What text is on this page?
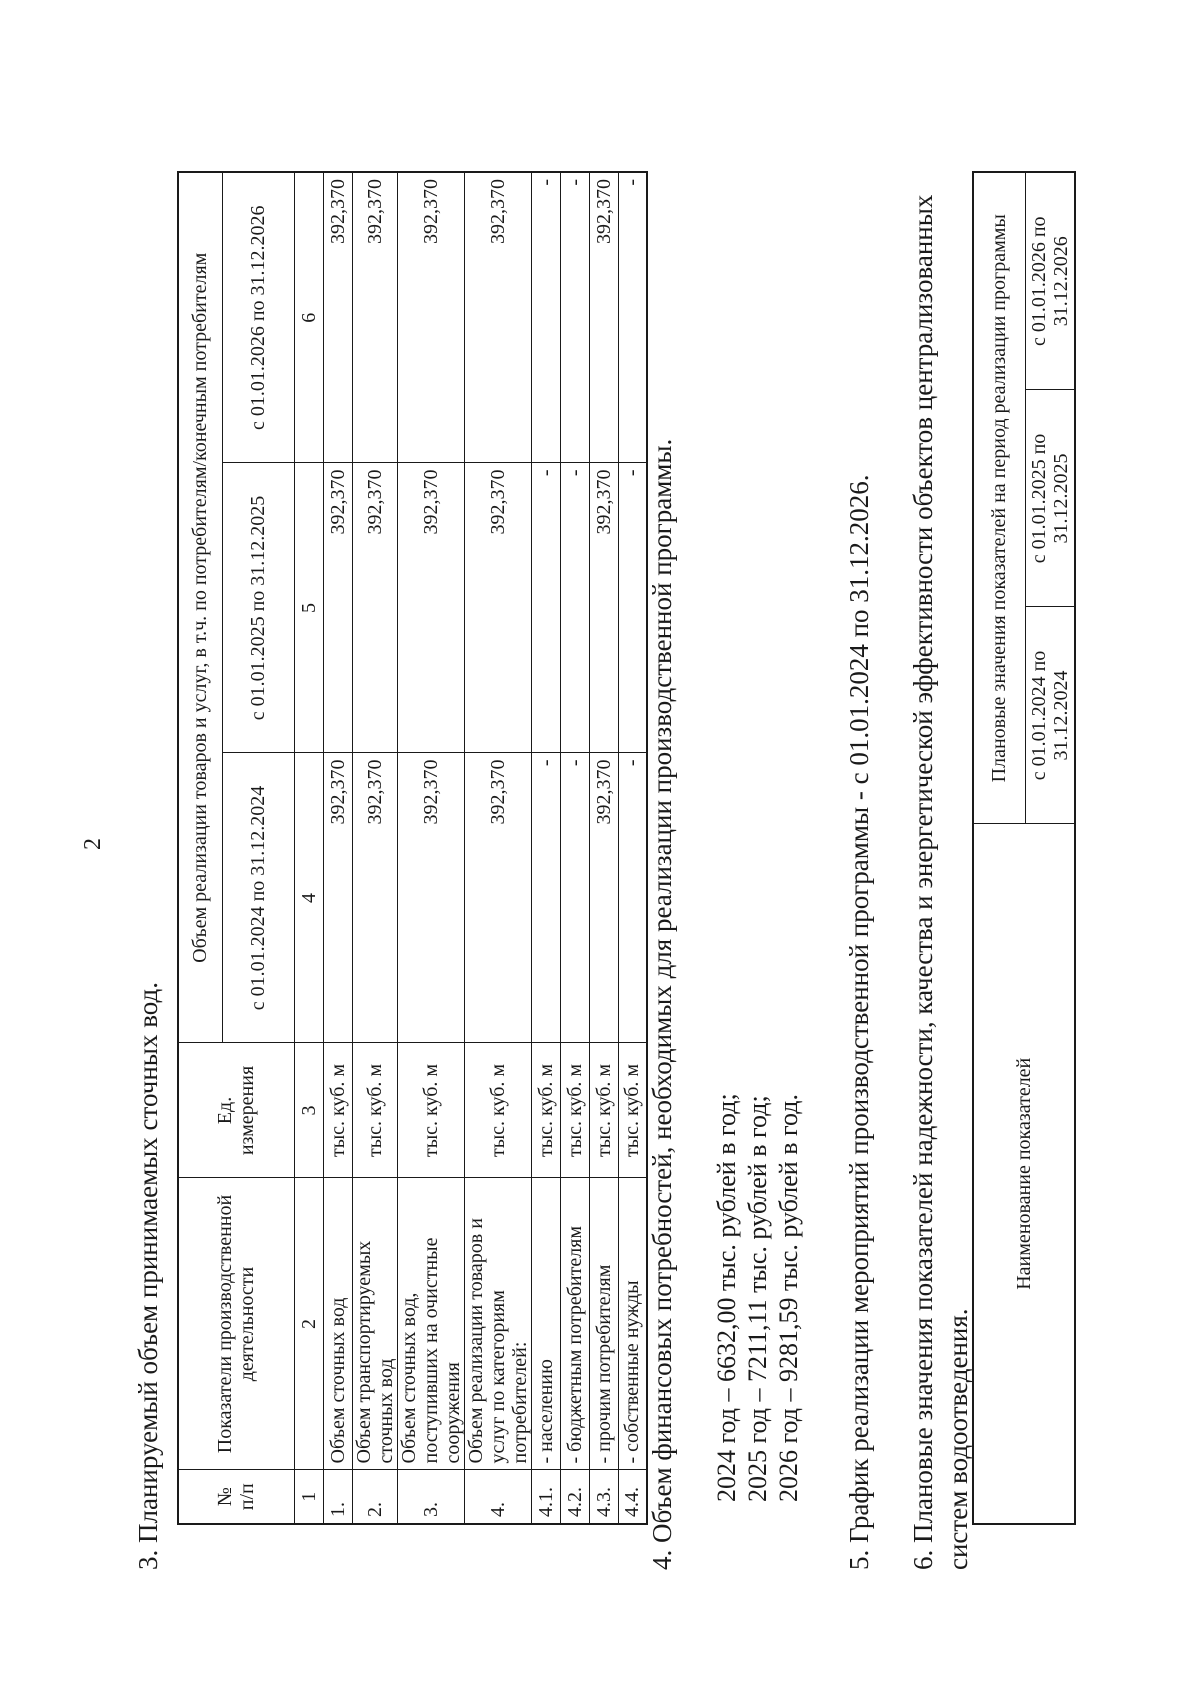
2
3. Планируемый объем принимаемых сточных вод.	№
п/п	Показатели производственной деятельности	Ед.
измерения	Объем реализации товаров и услуг, в т.ч. по потребителям/конечным потребителям		
			с 01.01.2024 по 31.12.2024	с 01.01.2025 по 31.12.2025	с 01.01.2026 по 31.12.2026
1	2	3	4	5	6
1.	Объем сточных вод	тыс. куб. м	392,370	392,370	392,370
2.	Объем транспортируемых сточных вод	тыс. куб. м	392,370	392,370	392,370
3.	Объем сточных вод, поступивших на очистные сооружения	тыс. куб. м	392,370	392,370	392,370
4.	Объем реализации товаров и услуг по категориям потребителей:	тыс. куб. м	392,370	392,370	392,370
4.1.	- населению	тыс. куб. м	-	-	-
4.2.	- бюджетным потребителям	тыс. куб. м	-	-	-
4.3.	- прочим потребителям	тыс. куб. м	392,370	392,370	392,370
4.4.	- собственные нужды	тыс. куб. м	-	-	-
4. Объем финансовых потребностей, необходимых для реализации производственной программы. 2024 год – 6632,00 тыс. рублей в год; 2025 год – 7211,11 тыс. рублей в год; 2026 год – 9281,59 тыс. рублей в год. 5. График реализации мероприятий производственной программы - с 01.01.2024 по 31.12.2026. 6. Плановые значения показателей надежности, качества и энергетической эффективности объектов централизованных систем водоотведения.
Наименование показателей	Плановые значения показателей на период реализации программы		
	с 01.01.2024 по 31.12.2024	с 01.01.2025 по 31.12.2025	с 01.01.2026 по 31.12.2026
